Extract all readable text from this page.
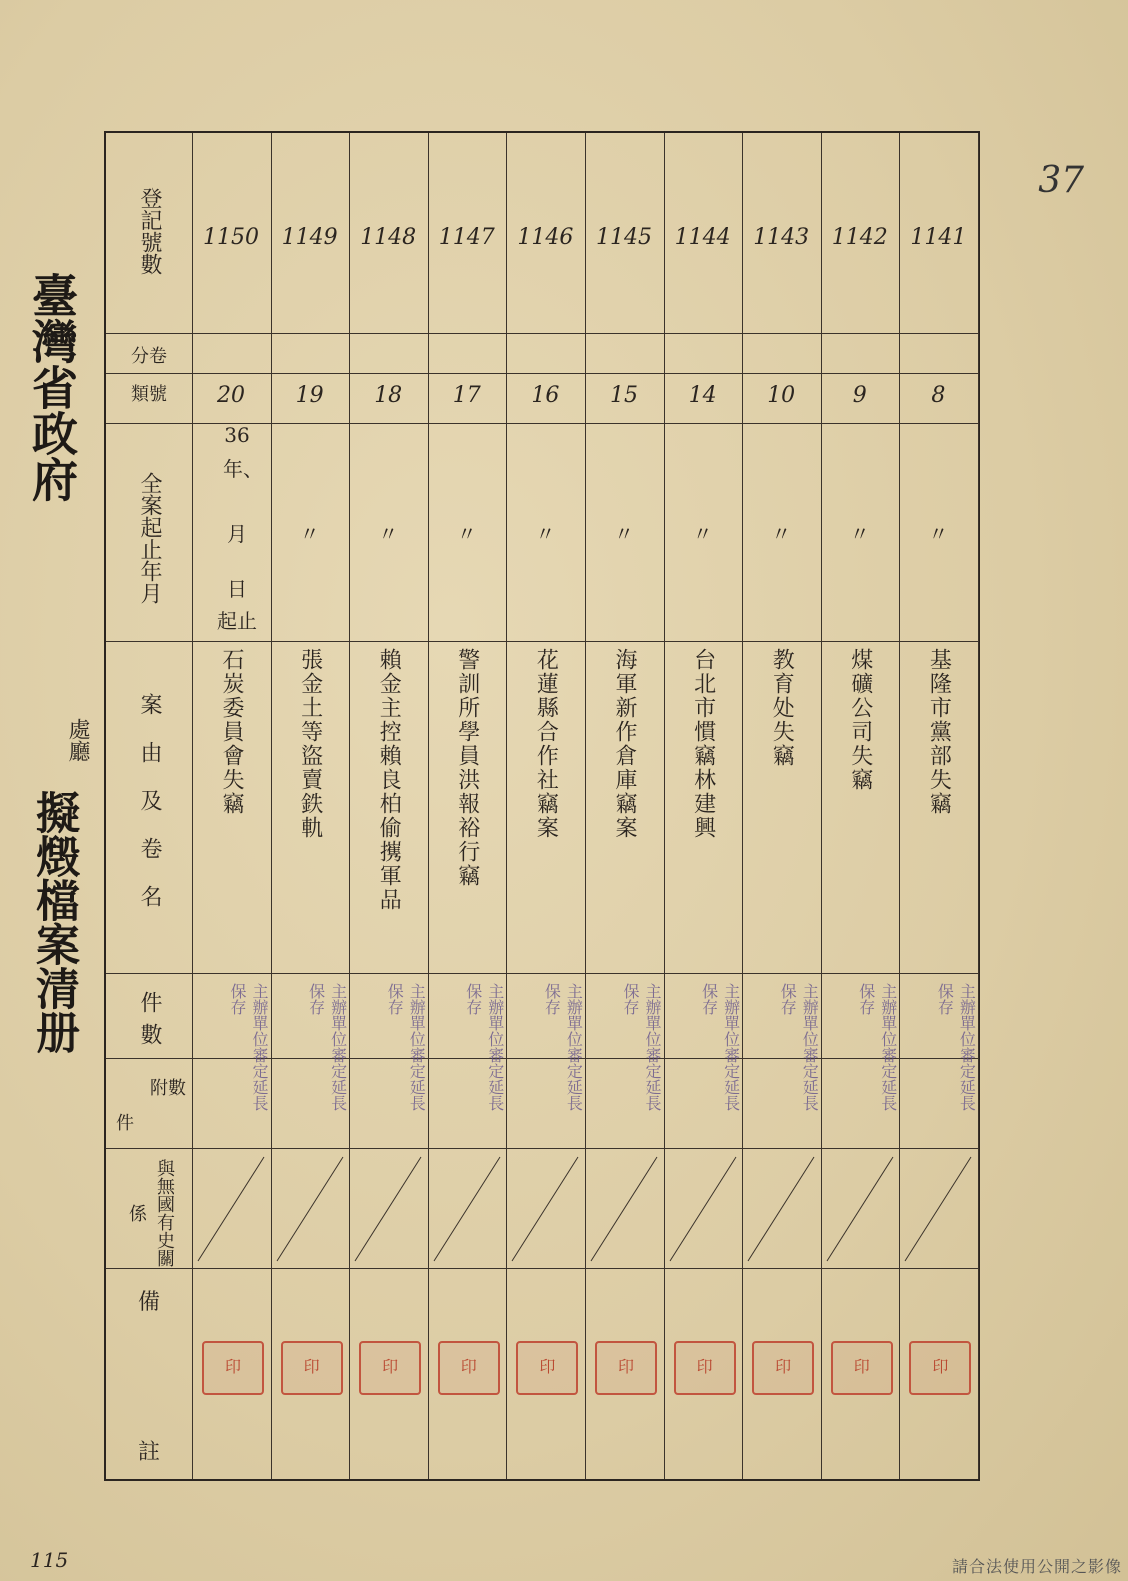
37
臺灣省政府
處廳
擬燬檔案清册
登記號數
分卷
類號
全案起止年月
案由及卷名
件數
附數
件
與無國有史關係
備
註
36
年、
月
日
起止
1150
20
石炭委員會失竊
主辦單位審定延長保存
印
1149
19
〃
張金土等盜賣鉄軌
主辦單位審定延長保存
印
1148
18
〃
賴金主控賴良柏偷㩗軍品
主辦單位審定延長保存
印
1147
17
〃
警訓所學員洪報裕行竊
主辦單位審定延長保存
印
1146
16
〃
花蓮縣合作社竊案
主辦單位審定延長保存
印
1145
15
〃
海軍新作倉庫竊案
主辦單位審定延長保存
印
1144
14
〃
台北市慣竊林建興
主辦單位審定延長保存
印
1143
10
〃
教育处失竊
主辦單位審定延長保存
印
1142
9
〃
煤礦公司失竊
主辦單位審定延長保存
印
1141
8
〃
基隆市黨部失竊
主辦單位審定延長保存
印
115	請合法使用公開之影像
